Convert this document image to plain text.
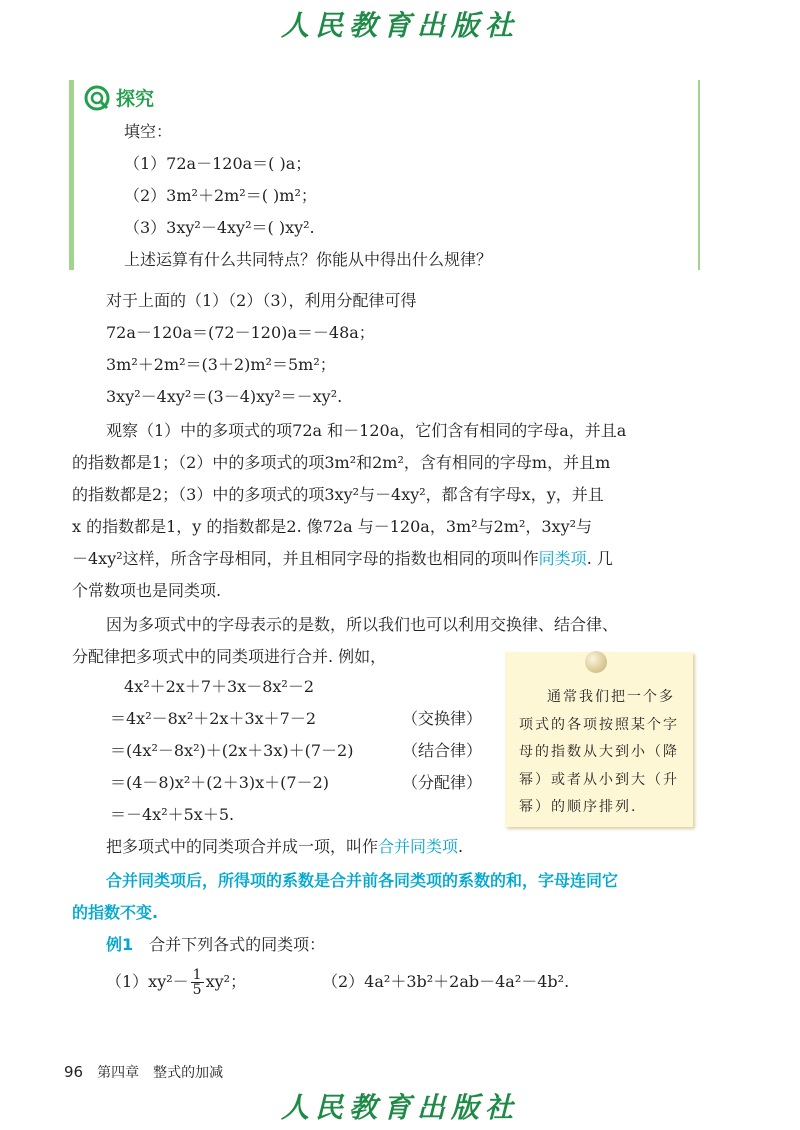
人民教育出版社
探究
填空：
（1）72a－120a＝( )a；
（2）3m²＋2m²＝( )m²；
（3）3xy²－4xy²＝( )xy².
上述运算有什么共同特点？你能从中得出什么规律？
对于上面的（1）（2）（3），利用分配律可得
72a－120a＝(72－120)a＝－48a；
3m²＋2m²＝(3＋2)m²＝5m²；
3xy²－4xy²＝(3－4)xy²＝－xy².
观察（1）中的多项式的项72a 和－120a，它们含有相同的字母a，并且a
的指数都是1；（2）中的多项式的项3m²和2m²，含有相同的字母m，并且m
的指数都是2；（3）中的多项式的项3xy²与－4xy²，都含有字母x，y，并且
x 的指数都是1，y 的指数都是2. 像72a 与－120a，3m²与2m²，3xy²与
－4xy²这样，所含字母相同，并且相同字母的指数也相同的项叫作同类项. 几
个常数项也是同类项.
因为多项式中的字母表示的是数，所以我们也可以利用交换律、结合律、
分配律把多项式中的同类项进行合并. 例如，
4x²＋2x＋7＋3x－8x²－2
＝4x²－8x²＋2x＋3x＋7－2	（交换律）
＝(4x²－8x²)＋(2x＋3x)＋(7－2)	（结合律）
＝(4－8)x²＋(2＋3)x＋(7－2)	（分配律）
＝－4x²＋5x＋5.
通常我们把一个多
项式的各项按照某个字
母的指数从大到小（降
幂）或者从小到大（升
幂）的顺序排列.
把多项式中的同类项合并成一项，叫作合并同类项.
合并同类项后，所得项的系数是合并前各同类项的系数的和，字母连同它
的指数不变.
例1 合并下列各式的同类项：
$(1)xy^2- \frac{1}{5} xy^2$；	（2）4a²＋3b²＋2ab－4a²－4b².
96 第四章　整式的加减
人民教育出版社
